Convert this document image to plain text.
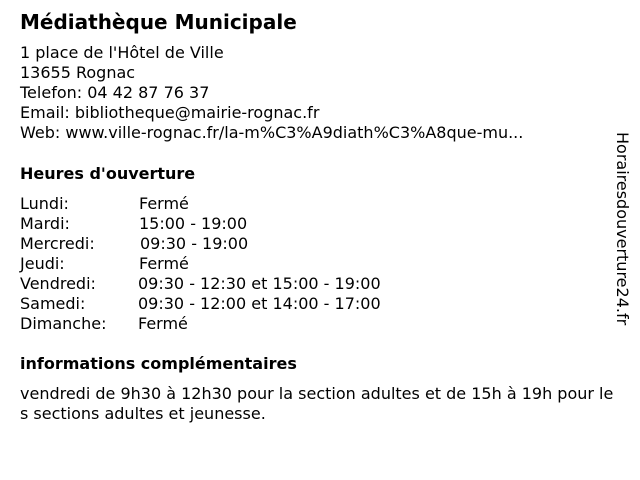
Médiathèque Municipale
1 place de l'Hôtel de Ville
13655 Rognac
Telefon: 04 42 87 76 37
Email: bibliotheque@mairie-rognac.fr
Web: www.ville-rognac.fr/la-m%C3%A9diath%C3%A8que-mu...
Heures d'ouverture
Lundi:	Fermé
Mardi:	15:00 - 19:00
Mercredi:	09:30 - 19:00
Jeudi:	Fermé
Vendredi:	09:30 - 12:30 et 15:00 - 19:00
Samedi:	09:30 - 12:00 et 14:00 - 17:00
Dimanche: Fermé
informations complémentaires
vendredi de 9h30 à 12h30 pour la section adultes et de 15h à 19h pour les sections adultes et jeunesse.
Horairesdouverture24.fr
